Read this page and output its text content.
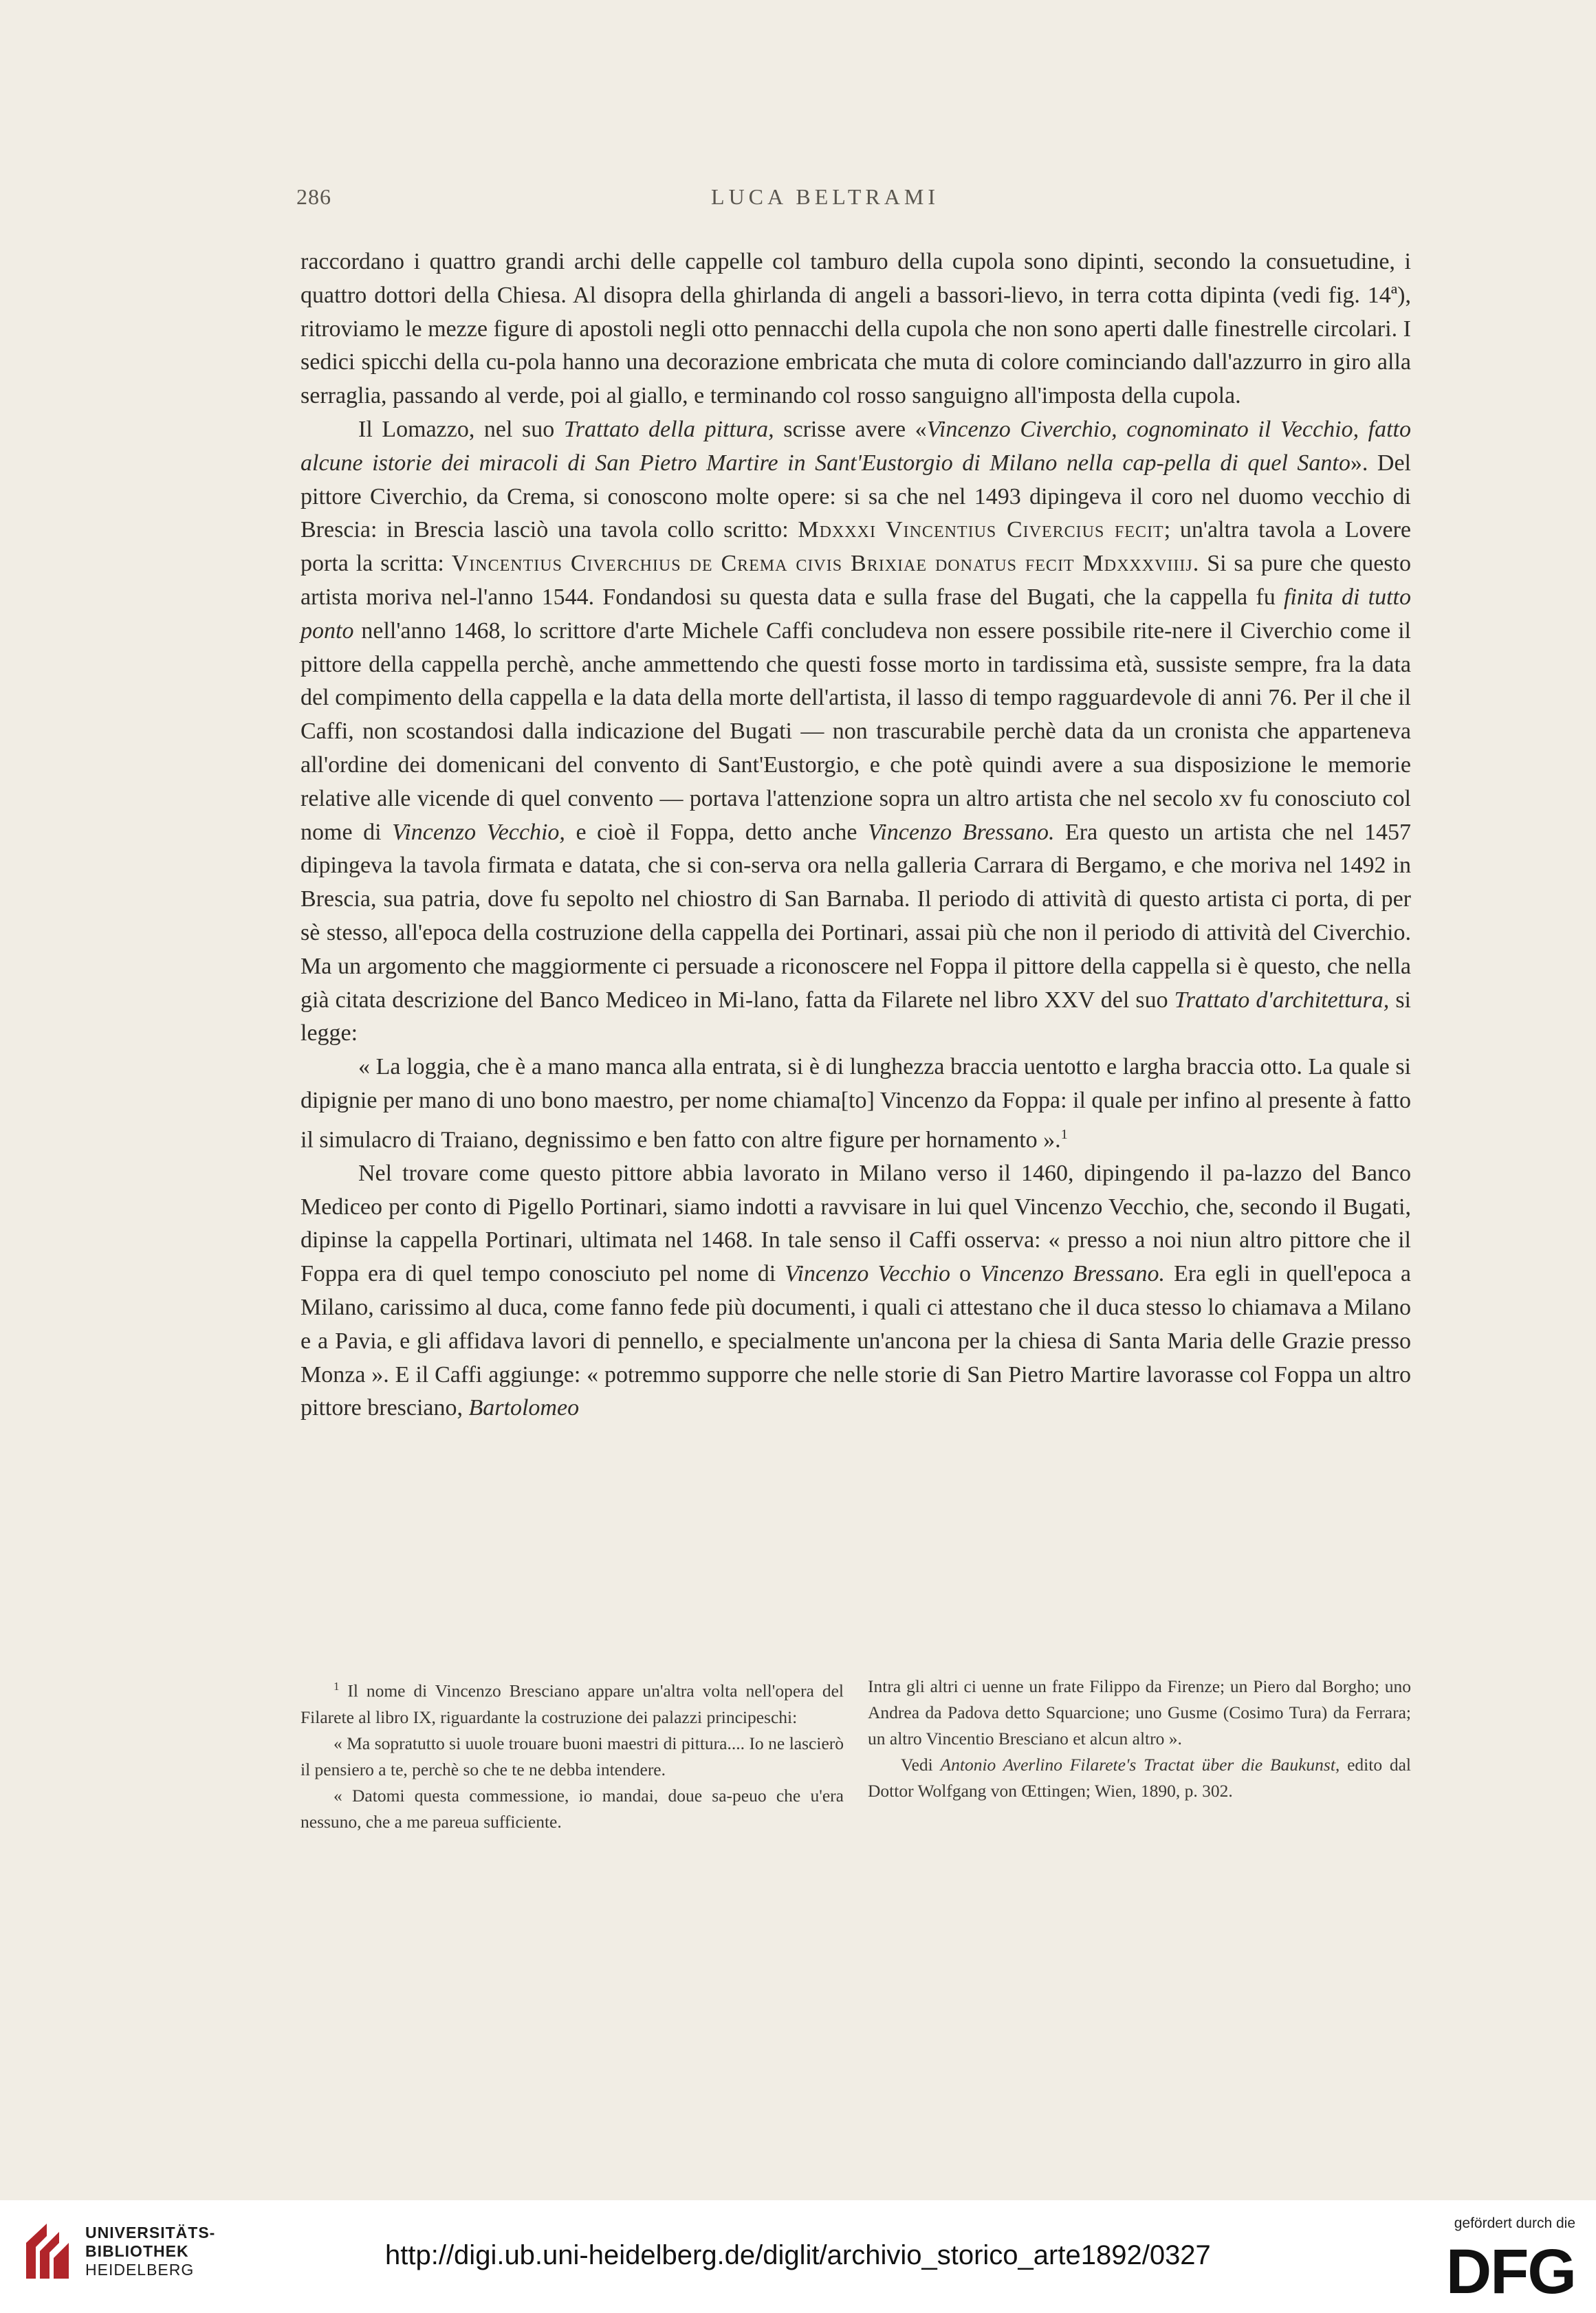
286	LUCA BELTRAMI

raccordano i quattro grandi archi delle cappelle col tamburo della cupola sono dipinti, secondo la consuetudine, i quattro dottori della Chiesa. Al disopra della ghirlanda di angeli a bassori-lievo, in terra cotta dipinta (vedi fig. 14ª), ritroviamo le mezze figure di apostoli negli otto pennacchi della cupola che non sono aperti dalle finestrelle circolari. I sedici spicchi della cu-pola hanno una decorazione embricata che muta di colore cominciando dall'azzurro in giro alla serraglia, passando al verde, poi al giallo, e terminando col rosso sanguigno all'imposta della cupola.

Il Lomazzo, nel suo Trattato della pittura, scrisse avere «Vincenzo Civerchio, cognominato il Vecchio, fatto alcune istorie dei miracoli di San Pietro Martire in Sant'Eustorgio di Milano nella cap-pella di quel Santo». Del pittore Civerchio, da Crema, si conoscono molte opere: si sa che nel 1493 dipingeva il coro nel duomo vecchio di Brescia: in Brescia lasciò una tavola collo scritto: Mdxxxi Vincentius Civercius fecit; un'altra tavola a Lovere porta la scritta: Vincentius Civerchius de Crema civis Brixiae donatus fecit Mdxxxviiij. Si sa pure che questo artista moriva nel-l'anno 1544. Fondandosi su questa data e sulla frase del Bugati, che la cappella fu finita di tutto ponto nell'anno 1468, lo scrittore d'arte Michele Caffi concludeva non essere possibile rite-nere il Civerchio come il pittore della cappella perchè, anche ammettendo che questi fosse morto in tardissima età, sussiste sempre, fra la data del compimento della cappella e la data della morte dell'artista, il lasso di tempo ragguardevole di anni 76. Per il che il Caffi, non scostandosi dalla indicazione del Bugati — non trascurabile perchè data da un cronista che apparteneva all'ordine dei domenicani del convento di Sant'Eustorgio, e che potè quindi avere a sua disposizione le memorie relative alle vicende di quel convento — portava l'attenzione sopra un altro artista che nel secolo xv fu conosciuto col nome di Vincenzo Vecchio, e cioè il Foppa, detto anche Vincenzo Bressano. Era questo un artista che nel 1457 dipingeva la tavola firmata e datata, che si con-serva ora nella galleria Carrara di Bergamo, e che moriva nel 1492 in Brescia, sua patria, dove fu sepolto nel chiostro di San Barnaba. Il periodo di attività di questo artista ci porta, di per sè stesso, all'epoca della costruzione della cappella dei Portinari, assai più che non il periodo di attività del Civerchio. Ma un argomento che maggiormente ci persuade a riconoscere nel Foppa il pittore della cappella si è questo, che nella già citata descrizione del Banco Mediceo in Mi-lano, fatta da Filarete nel libro XXV del suo Trattato d'architettura, si legge:

« La loggia, che è a mano manca alla entrata, si è di lunghezza braccia uentotto e largha braccia otto. La quale si dipignie per mano di uno bono maestro, per nome chiama[to] Vincenzo da Foppa: il quale per infino al presente à fatto il simulacro di Traiano, degnissimo e ben fatto con altre figure per hornamento ».$^1$

Nel trovare come questo pittore abbia lavorato in Milano verso il 1460, dipingendo il pa-lazzo del Banco Mediceo per conto di Pigello Portinari, siamo indotti a ravvisare in lui quel Vincenzo Vecchio, che, secondo il Bugati, dipinse la cappella Portinari, ultimata nel 1468. In tale senso il Caffi osserva: « presso a noi niun altro pittore che il Foppa era di quel tempo conosciuto pel nome di Vincenzo Vecchio o Vincenzo Bressano. Era egli in quell'epoca a Milano, carissimo al duca, come fanno fede più documenti, i quali ci attestano che il duca stesso lo chiamava a Milano e a Pavia, e gli affidava lavori di pennello, e specialmente un'ancona per la chiesa di Santa Maria delle Grazie presso Monza ». E il Caffi aggiunge: « potremmo supporre che nelle storie di San Pietro Martire lavorasse col Foppa un altro pittore bresciano, Bartolomeo

$^1$ Il nome di Vincenzo Bresciano appare un'altra volta nell'opera del Filarete al libro IX, riguardante la costruzione dei palazzi principeschi:

« Ma sopratutto si uuole trouare buoni maestri di pittura.... Io ne lascierò il pensiero a te, perchè so che te ne debba intendere.

« Datomi questa commessione, io mandai, doue sa-peuo che u'era nessuno, che a me pareua sufficiente.

Intra gli altri ci uenne un frate Filippo da Firenze; un Piero dal Borgho; uno Andrea da Padova detto Squarcione; uno Gusme (Cosimo Tura) da Ferrara; un altro Vincentio Bresciano et alcun altro ».

Vedi Antonio Averlino Filarete's Tractat über die Baukunst, edito dal Dottor Wolfgang von Œttingen; Wien, 1890, p. 302.

UNIVERSITÄTS-
BIBLIOTHEK
HEIDELBERG	http://digi.ub.uni-heidelberg.de/diglit/archivio_storico_arte1892/0327
gefördert durch die
DFG
